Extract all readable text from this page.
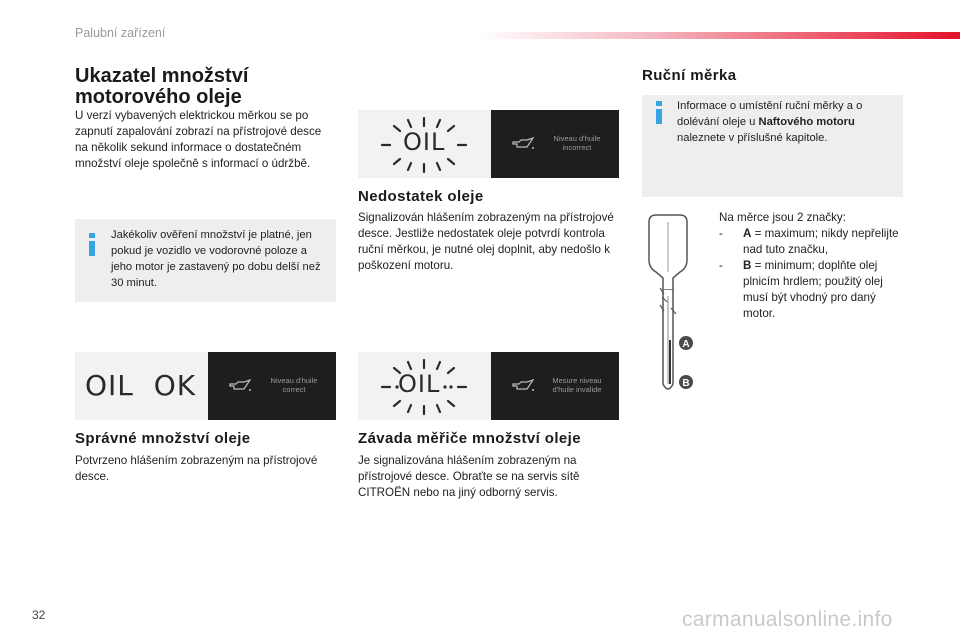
Palubní zařízení
Ukazatel množství motorového oleje
U verzí vybavených elektrickou měrkou se po zapnutí zapalování zobrazí na přístrojové desce na několik sekund informace o dostatečném množství oleje společně s informací o údržbě.
Jakékoliv ověření množství je platné, jen pokud je vozidlo ve vodorovné poloze a jeho motor je zastavený po dobu delší než 30 minut.
OIL  OK	Niveau d'huile correct
Správné množství oleje
Potvrzeno hlášením zobrazeným na přístrojové desce.
OIL	Niveau d'huile incorrect
Nedostatek oleje
Signalizován hlášením zobrazeným na přístrojové desce. Jestliže nedostatek oleje potvrdí kontrola ruční měrkou, je nutné olej doplnit, aby nedošlo k poškození motoru.
OIL	Mesure niveau d'huile invalide
Závada měřiče množství oleje
Je signalizována hlášením zobrazeným na přístrojové desce. Obraťte se na servis sítě CITROËN nebo na jiný odborný servis.
Ruční měrka
Informace o umístění ruční měrky a o dolévání oleje u Naftového motoru naleznete v příslušné kapitole.
A
B
Na měrce jsou 2 značky:
-	A = maximum; nikdy nepřelijte nad tuto značku,
-	B = minimum; doplňte olej plnicím hrdlem; použitý olej musí být vhodný pro daný motor.
32	carmanualsonline.info
